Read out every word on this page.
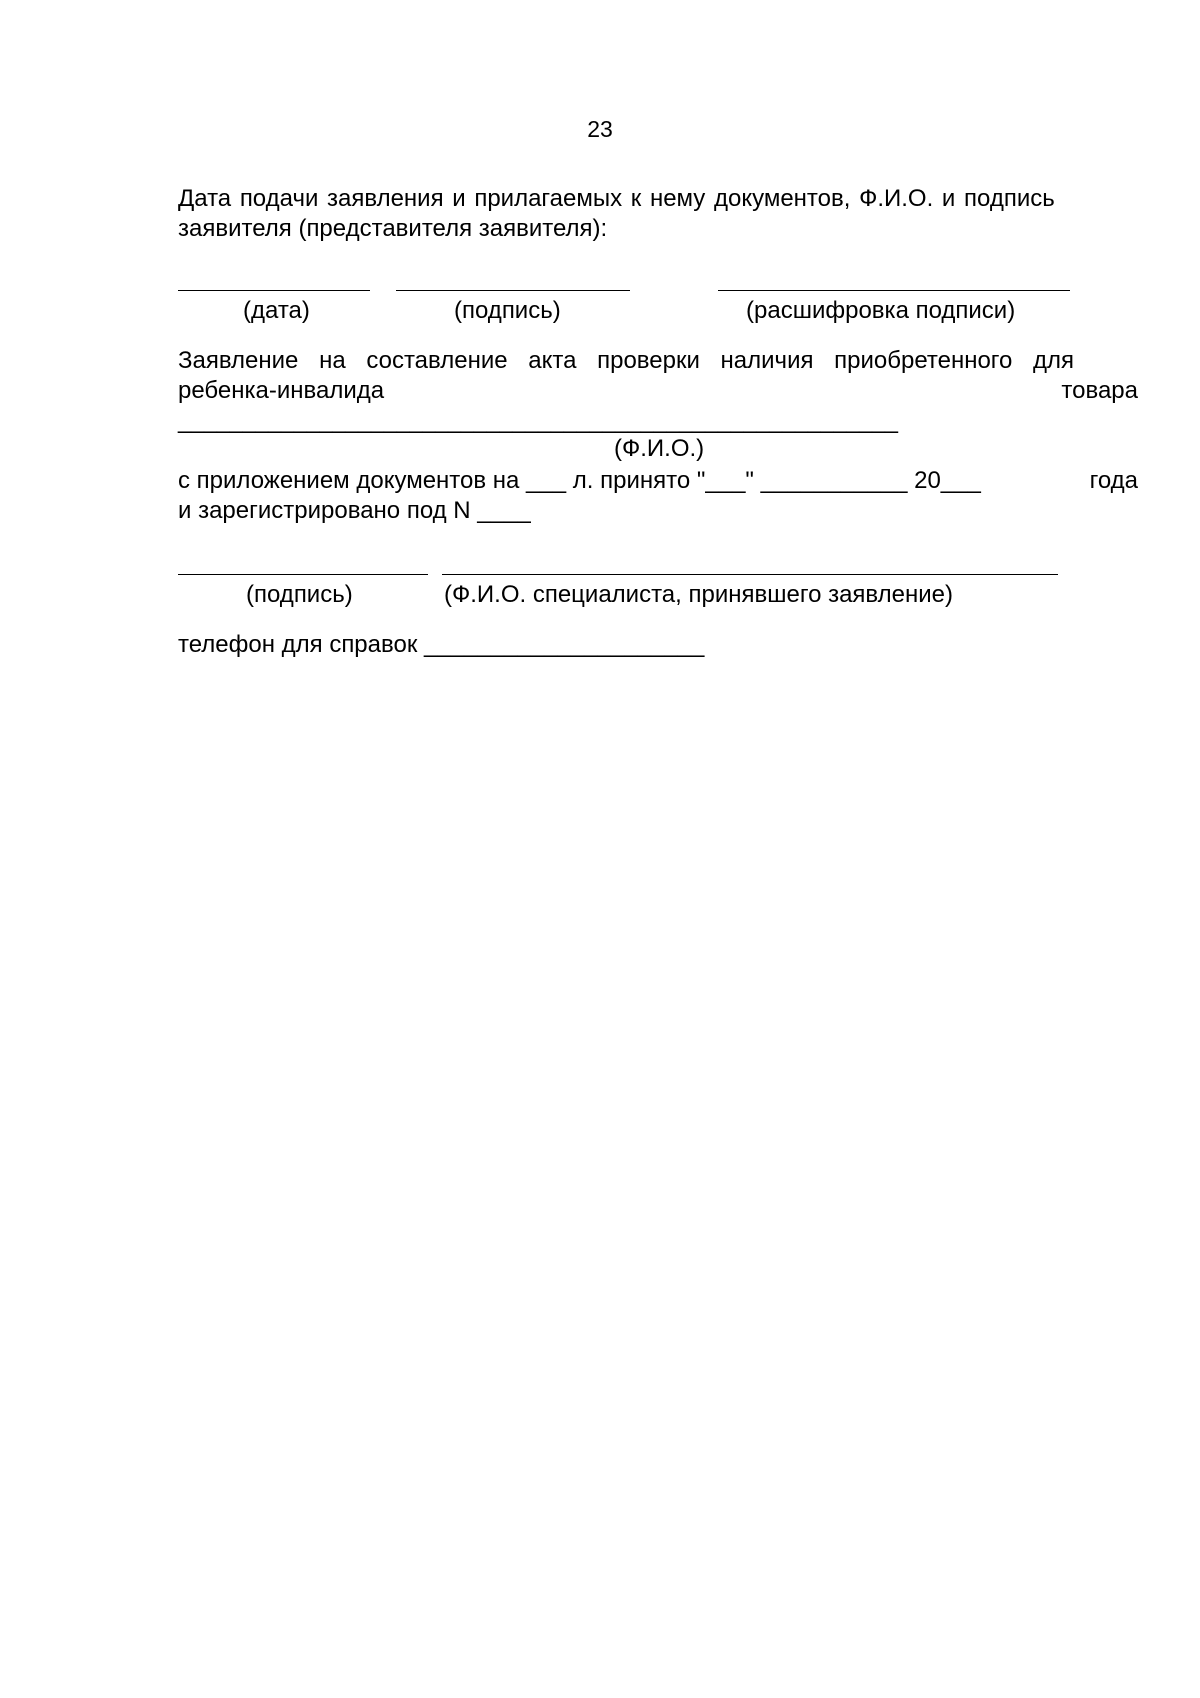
23
Дата подачи заявления и прилагаемых к нему документов, Ф.И.О. и подпись
заявителя (представителя заявителя):
(дата)	(подпись)	(расшифровка подписи)
Заявление на составление акта проверки наличия приобретенного для
ребенка-инвалида	товара
________________________________________________________
(Ф.И.О.)
с приложением документов на ___ л. принято "___" ___________ 20___	года
и зарегистрировано под N ____
(подпись)	(Ф.И.О. специалиста, принявшего заявление)
телефон для справок _____________________
